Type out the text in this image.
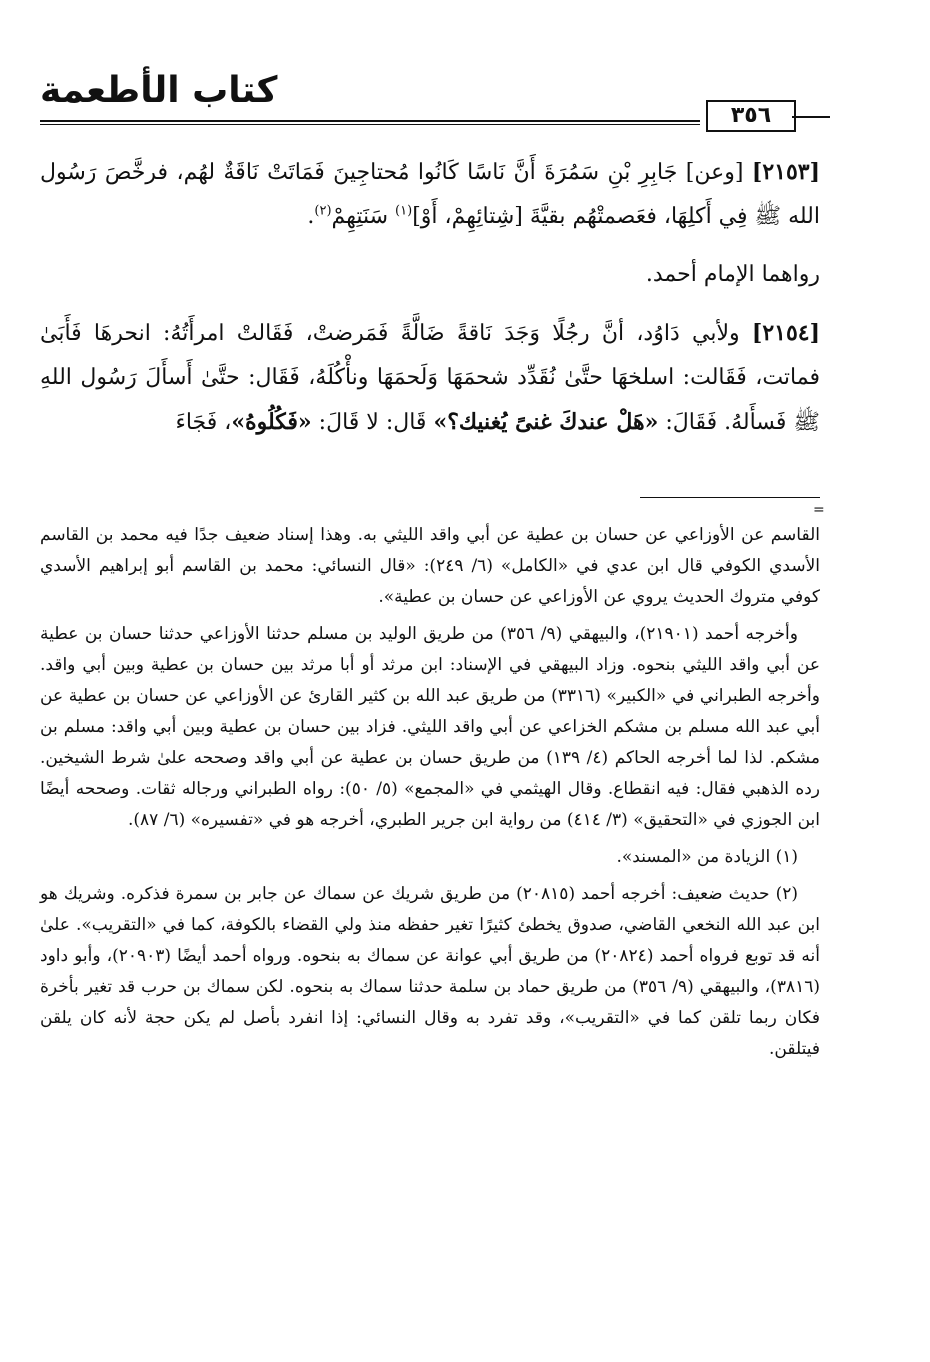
كتاب الأطعمة
٣٥٦

[٢١٥٣] [وعن] جَابِرِ بْنِ سَمُرَةَ أَنَّ نَاسًا كَانُوا مُحتاجِينَ فَمَاتَتْ نَاقَةٌ لهُم، فرخَّصَ رَسُول الله ﷺ فِي أَكلِهَا، فعَصمتْهُم بقيَّةَ [شِتائِهِمْ، أَوْ]$^{(١)}$ سَنَتِهِمْ$^{(٢)}$.

رواهما الإمام أحمد.

[٢١٥٤] ولأبي دَاوُد، أنَّ رجُلًا وَجَدَ نَاقةً ضَالَّةً فَمَرضتْ، فَقَالتْ امرأَتُهُ: انحرهَا فَأَبَىٰ فماتت، فَقَالت: اسلخهَا حتَّىٰ نُقَدِّد شحمَهَا وَلَحمَهَا ونأْكُلَهُ، فَقَال: حتَّىٰ أَسأَلَ رَسُول اللهِ ﷺ فَسأَلهُ. فَقَالَ: «هَلْ عندكَ غنىً يُغنيك؟» قَال: لا قَالَ: «فَكُلُوهُ»، فَجَاءَ

=

القاسم عن الأوزاعي عن حسان بن عطية عن أبي واقد الليثي به. وهذا إسناد ضعيف جدًا فيه محمد بن القاسم الأسدي الكوفي قال ابن عدي في «الكامل» (٦/ ٢٤٩): «قال النسائي: محمد بن القاسم أبو إبراهيم الأسدي كوفي متروك الحديث يروي عن الأوزاعي عن حسان بن عطية».

وأخرجه أحمد (٢١٩٠١)، والبيهقي (٩/ ٣٥٦) من طريق الوليد بن مسلم حدثنا الأوزاعي حدثنا حسان بن عطية عن أبي واقد الليثي بنحوه. وزاد البيهقي في الإسناد: ابن مرثد أو أبا مرثد بين حسان بن عطية وبين أبي واقد. وأخرجه الطبراني في «الكبير» (٣٣١٦) من طريق عبد الله بن كثير القارئ عن الأوزاعي عن حسان بن عطية عن أبي عبد الله مسلم بن مشكم الخزاعي عن أبي واقد الليثي. فزاد بين حسان بن عطية وبين أبي واقد: مسلم بن مشكم. لذا لما أخرجه الحاكم (٤/ ١٣٩) من طريق حسان بن عطية عن أبي واقد وصححه علىٰ شرط الشيخين. رده الذهبي فقال: فيه انقطاع. وقال الهيثمي في «المجمع» (٥/ ٥٠): رواه الطبراني ورجاله ثقات. وصححه أيضًا ابن الجوزي في «التحقيق» (٣/ ٤١٤) من رواية ابن جرير الطبري، أخرجه هو في «تفسيره» (٦/ ٨٧).

(١) الزيادة من «المسند».

(٢) حديث ضعيف: أخرجه أحمد (٢٠٨١٥) من طريق شريك عن سماك عن جابر بن سمرة فذكره. وشريك هو ابن عبد الله النخعي القاضي، صدوق يخطئ كثيرًا تغير حفظه منذ ولي القضاء بالكوفة، كما في «التقريب». علىٰ أنه قد توبع فرواه أحمد (٢٠٨٢٤) من طريق أبي عوانة عن سماك به بنحوه. ورواه أحمد أيضًا (٢٠٩٠٣)، وأبو داود (٣٨١٦)، والبيهقي (٩/ ٣٥٦) من طريق حماد بن سلمة حدثنا سماك به بنحوه. لكن سماك بن حرب قد تغير بأخرة فكان ربما تلقن كما في «التقريب»، وقد تفرد به وقال النسائي: إذا انفرد بأصل لم يكن حجة لأنه كان يلقن فيتلقن.
